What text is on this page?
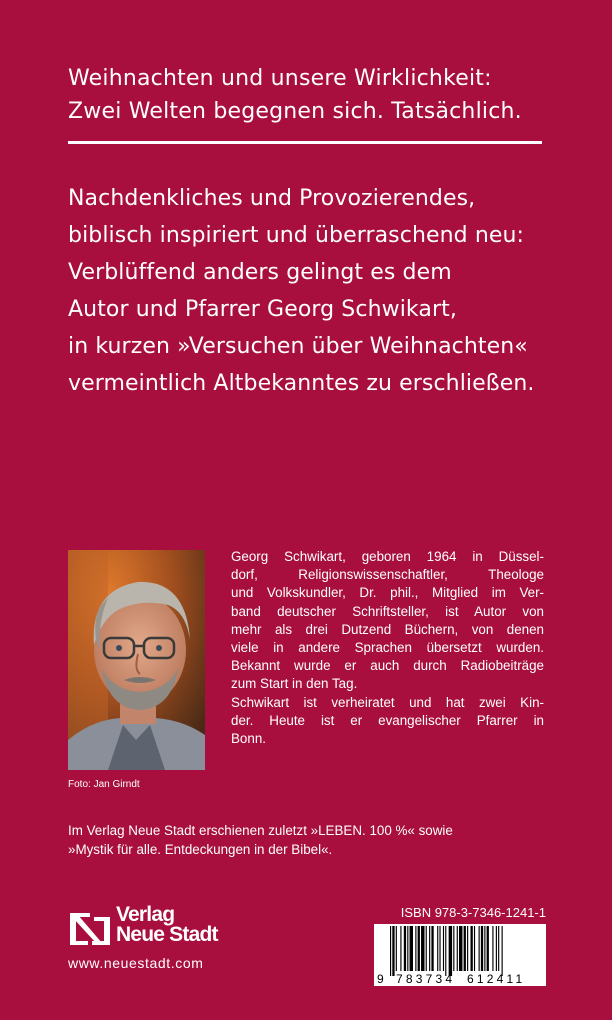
Weihnachten und unsere Wirklichkeit:
Zwei Welten begegnen sich. Tatsächlich.
Nachdenkliches und Provozierendes,
biblisch inspiriert und überraschend neu:
Verblüffend anders gelingt es dem
Autor und Pfarrer Georg Schwikart,
in kurzen »Versuchen über Weihnachten«
vermeintlich Altbekanntes zu erschließen.
Foto: Jan Girndt
Georg Schwikart, geboren 1964 in Düssel-
dorf, Religionswissenschaftler, Theologe
und Volkskundler, Dr. phil., Mitglied im Ver-
band deutscher Schriftsteller, ist Autor von
mehr als drei Dutzend Büchern, von denen
viele in andere Sprachen übersetzt wurden.
Bekannt wurde er auch durch Radiobeiträge
zum Start in den Tag.
Schwikart ist verheiratet und hat zwei Kin-
der. Heute ist er evangelischer Pfarrer in
Bonn.
Im Verlag Neue Stadt erschienen zuletzt »LEBEN. 100 %« sowie
»Mystik für alle. Entdeckungen in der Bibel«.
Verlag
Neue Stadt
www.neuestadt.com
ISBN 978-3-7346-1241-1
9 783734 612411
